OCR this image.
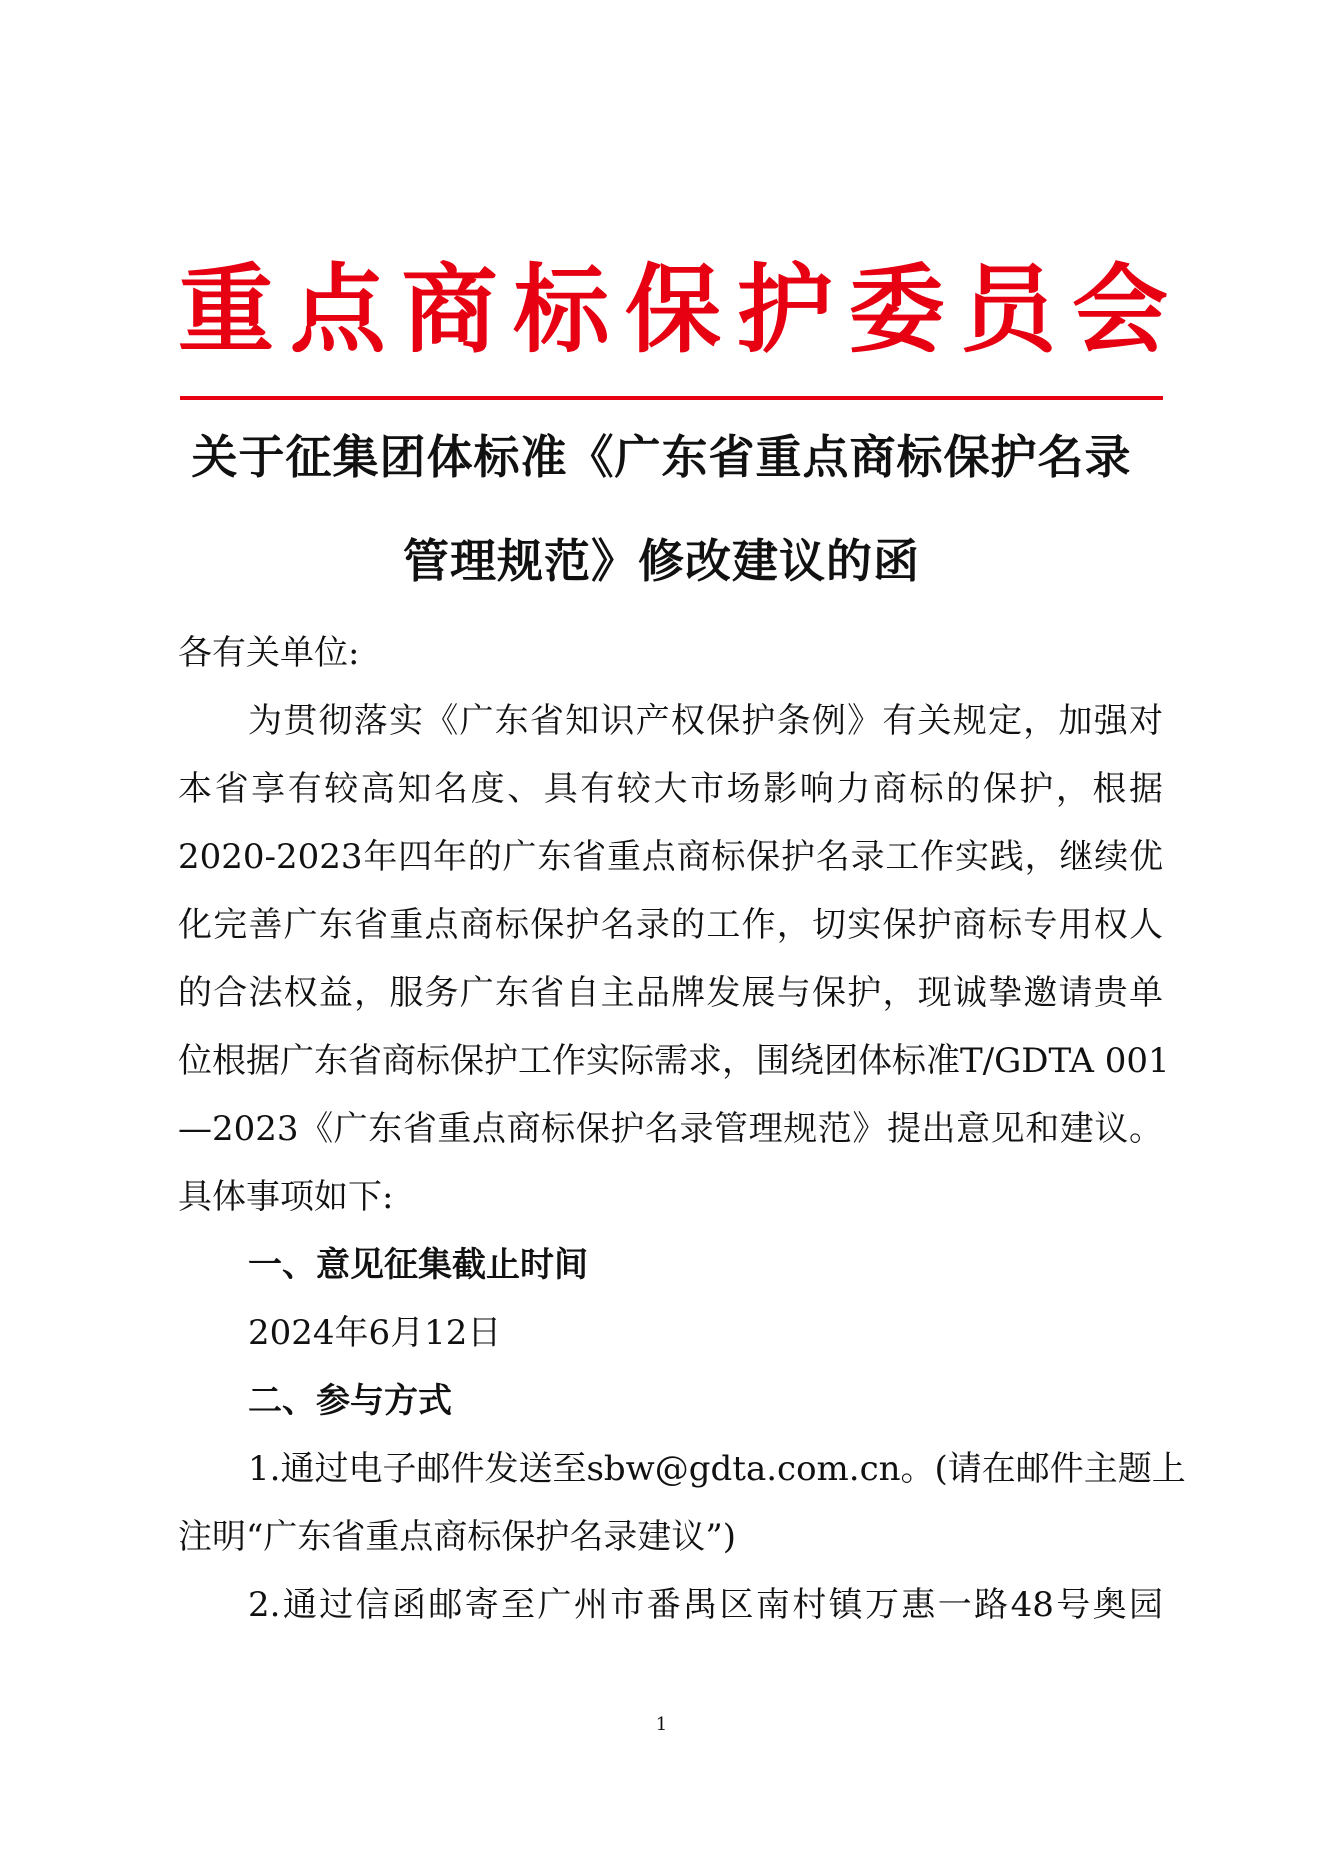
重 点 商 标 保 护 委 员 会
关于征集团体标准《广东省重点商标保护名录
管理规范》修改建议的函
各有关单位:
为贯彻落实《广东省知识产权保护条例》有关规定，加强对
本省享有较高知名度、具有较大市场影响力商标的保护，根据
2020-2023年四年的广东省重点商标保护名录工作实践，继续优
化完善广东省重点商标保护名录的工作，切实保护商标专用权人
的合法权益，服务广东省自主品牌发展与保护，现诚挚邀请贵单
位根据广东省商标保护工作实际需求，围绕团体标准T/GDTA 001
—2023《广东省重点商标保护名录管理规范》提出意见和建议。
具体事项如下:
一、意见征集截止时间
2024年6月12日
二、参与方式
1.通过电子邮件发送至sbw@gdta.com.cn。(请在邮件主题上
注明“广东省重点商标保护名录建议”)
2.通过信函邮寄至广州市番禺区南村镇万惠一路48号奥园
1
